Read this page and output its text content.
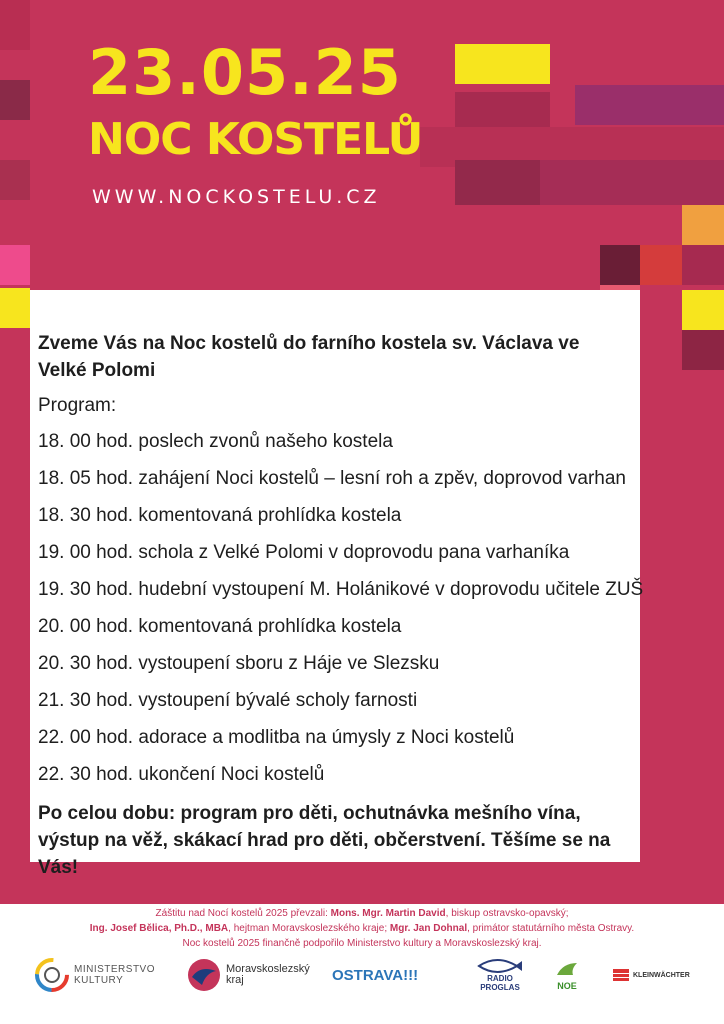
23.05.25
NOC KOSTELŮ
WWW.NOCKOSTELU.CZ
Zveme Vás na Noc kostelů do farního kostela sv. Václava ve Velké Polomi
Program:
18. 00 hod. poslech zvonů našeho kostela
18. 05 hod. zahájení Noci kostelů – lesní roh a zpěv, doprovod varhan
18. 30 hod. komentovaná prohlídka kostela
19. 00 hod. schola z Velké Polomi v doprovodu pana varhaníka
19. 30 hod. hudební vystoupení M. Holánikové v doprovodu učitele ZUŠ
20. 00 hod. komentovaná prohlídka kostela
20. 30 hod. vystoupení sboru z Háje ve Slezsku
21. 30 hod. vystoupení bývalé scholy farnosti
22. 00 hod. adorace a modlitba na úmysly z Noci kostelů
22. 30 hod. ukončení Noci kostelů
Po celou dobu: program pro děti, ochutnávka mešního vína, výstup na věž, skákací hrad pro děti, občerstvení. Těšíme se na Vás!
Záštitu nad Nocí kostelů 2025 převzali: Mons. Mgr. Martin David, biskup ostravsko-opavský;
Ing. Josef Bělica, Ph.D., MBA, hejtman Moravskoslezského kraje; Mgr. Jan Dohnal, primátor statutárního města Ostravy.
Noc kostelů 2025 finančně podpořilo Ministerstvo kultury a Moravskoslezský kraj.
MINISTERSTVO
KULTURY
Moravskoslezský
kraj	OSTRAVA!!!	RADIO
PROGLAS	NOE
KLEINWÄCHTER
